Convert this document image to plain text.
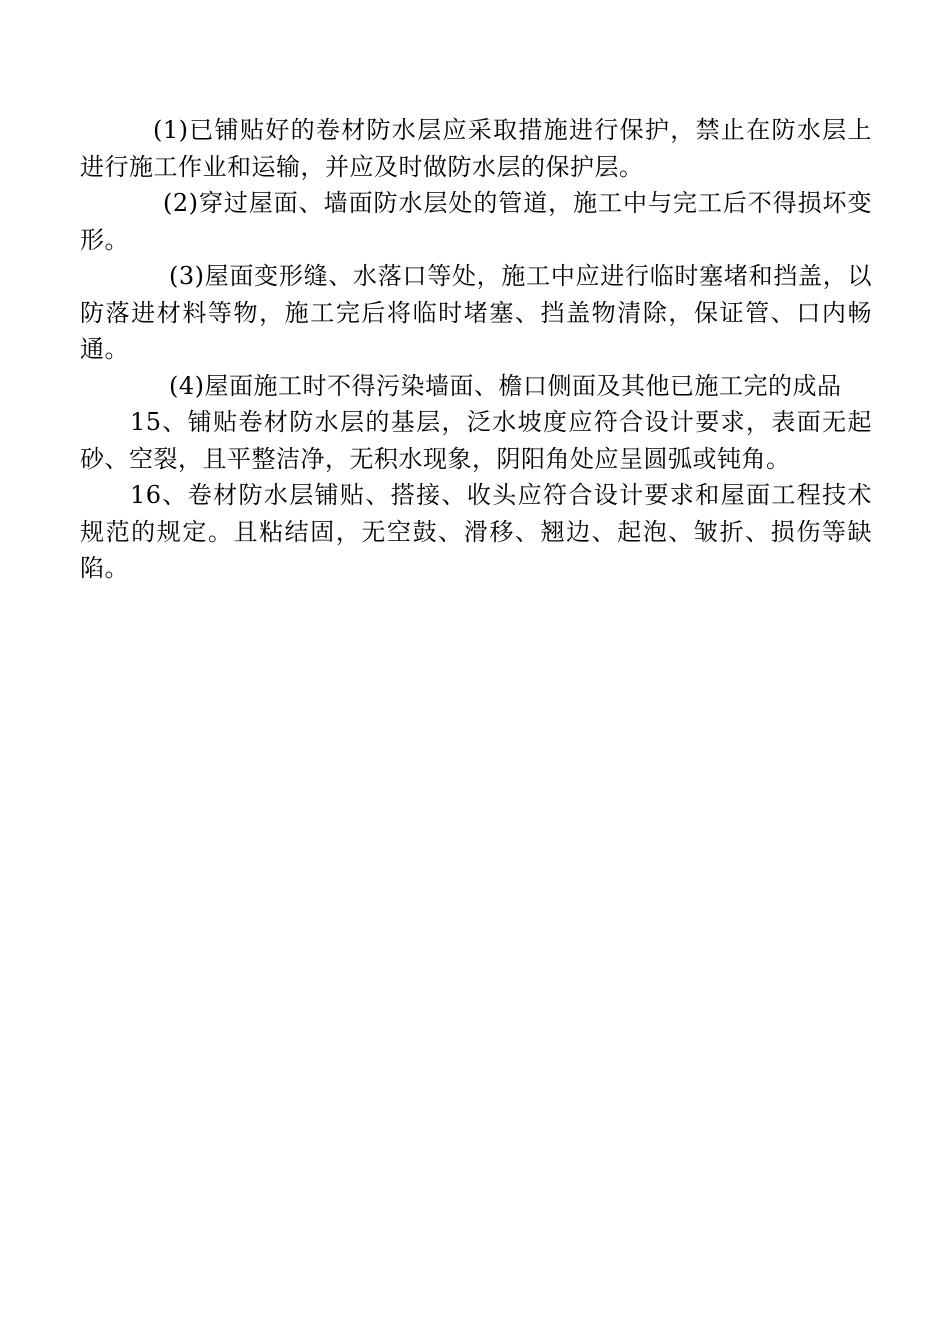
(1)已铺贴好的卷材防水层应采取措施进行保护，禁止在防水层上进行施工作业和运输，并应及时做防水层的保护层。

(2)穿过屋面、墙面防水层处的管道，施工中与完工后不得损坏变形。

(3)屋面变形缝、水落口等处，施工中应进行临时塞堵和挡盖，以防落进材料等物，施工完后将临时堵塞、挡盖物清除，保证管、口内畅通。

(4)屋面施工时不得污染墙面、檐口侧面及其他已施工完的成品

15、铺贴卷材防水层的基层，泛水坡度应符合设计要求，表面无起砂、空裂，且平整洁净，无积水现象，阴阳角处应呈圆弧或钝角。

16、卷材防水层铺贴、搭接、收头应符合设计要求和屋面工程技术规范的规定。且粘结固，无空鼓、滑移、翘边、起泡、皱折、损伤等缺陷。
